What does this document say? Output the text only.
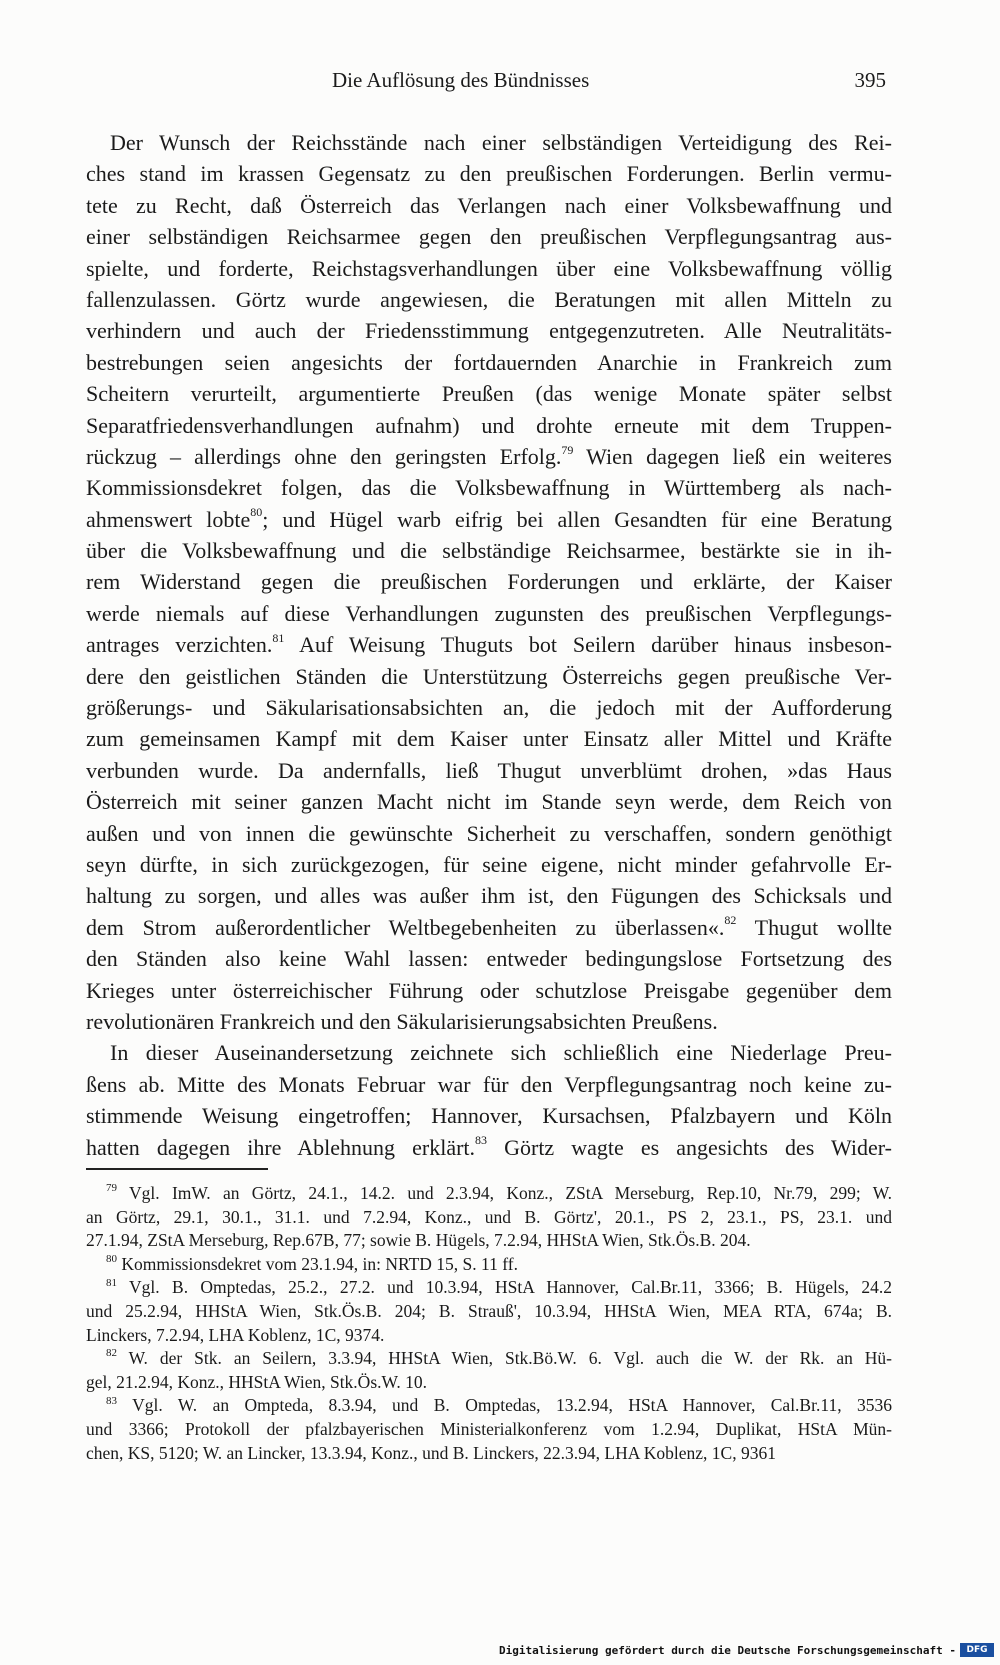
Die Auflösung des Bündnisses	395
Der Wunsch der Reichsstände nach einer selbständigen Verteidigung des Rei-
ches stand im krassen Gegensatz zu den preußischen Forderungen. Berlin vermu-
tete zu Recht, daß Österreich das Verlangen nach einer Volksbewaffnung und
einer selbständigen Reichsarmee gegen den preußischen Verpflegungsantrag aus-
spielte, und forderte, Reichstagsverhandlungen über eine Volksbewaffnung völlig
fallenzulassen. Görtz wurde angewiesen, die Beratungen mit allen Mitteln zu
verhindern und auch der Friedensstimmung entgegenzutreten. Alle Neutralitäts-
bestrebungen seien angesichts der fortdauernden Anarchie in Frankreich zum
Scheitern verurteilt, argumentierte Preußen (das wenige Monate später selbst
Separatfriedensverhandlungen aufnahm) und drohte erneute mit dem Truppen-
rückzug – allerdings ohne den geringsten Erfolg.$^{79}$ Wien dagegen ließ ein weiteres
Kommissionsdekret folgen, das die Volksbewaffnung in Württemberg als nach-
ahmenswert lobte$^{80}$; und Hügel warb eifrig bei allen Gesandten für eine Beratung
über die Volksbewaffnung und die selbständige Reichsarmee, bestärkte sie in ih-
rem Widerstand gegen die preußischen Forderungen und erklärte, der Kaiser
werde niemals auf diese Verhandlungen zugunsten des preußischen Verpflegungs-
antrages verzichten.$^{81}$ Auf Weisung Thuguts bot Seilern darüber hinaus insbeson-
dere den geistlichen Ständen die Unterstützung Österreichs gegen preußische Ver-
größerungs- und Säkularisationsabsichten an, die jedoch mit der Aufforderung
zum gemeinsamen Kampf mit dem Kaiser unter Einsatz aller Mittel und Kräfte
verbunden wurde. Da andernfalls, ließ Thugut unverblümt drohen, »das Haus
Österreich mit seiner ganzen Macht nicht im Stande seyn werde, dem Reich von
außen und von innen die gewünschte Sicherheit zu verschaffen, sondern genöthigt
seyn dürfte, in sich zurückgezogen, für seine eigene, nicht minder gefahrvolle Er-
haltung zu sorgen, und alles was außer ihm ist, den Fügungen des Schicksals und
dem Strom außerordentlicher Weltbegebenheiten zu überlassen«.$^{82}$ Thugut wollte
den Ständen also keine Wahl lassen: entweder bedingungslose Fortsetzung des
Krieges unter österreichischer Führung oder schutzlose Preisgabe gegenüber dem
revolutionären Frankreich und den Säkularisierungsabsichten Preußens.
In dieser Auseinandersetzung zeichnete sich schließlich eine Niederlage Preu-
ßens ab. Mitte des Monats Februar war für den Verpflegungsantrag noch keine zu-
stimmende Weisung eingetroffen; Hannover, Kursachsen, Pfalzbayern und Köln
hatten dagegen ihre Ablehnung erklärt.$^{83}$ Görtz wagte es angesichts des Wider-
$^{79}$ Vgl. ImW. an Görtz, 24.1., 14.2. und 2.3.94, Konz., ZStA Merseburg, Rep.10, Nr.79, 299; W.
an Görtz, 29.1, 30.1., 31.1. und 7.2.94, Konz., und B. Görtz', 20.1., PS 2, 23.1., PS, 23.1. und
27.1.94, ZStA Merseburg, Rep.67B, 77; sowie B. Hügels, 7.2.94, HHStA Wien, Stk.Ös.B. 204.
$^{80}$ Kommissionsdekret vom 23.1.94, in: NRTD 15, S. 11 ff.
$^{81}$ Vgl. B. Omptedas, 25.2., 27.2. und 10.3.94, HStA Hannover, Cal.Br.11, 3366; B. Hügels, 24.2
und 25.2.94, HHStA Wien, Stk.Ös.B. 204; B. Strauß', 10.3.94, HHStA Wien, MEA RTA, 674a; B.
Linckers, 7.2.94, LHA Koblenz, 1C, 9374.
$^{82}$ W. der Stk. an Seilern, 3.3.94, HHStA Wien, Stk.Bö.W. 6. Vgl. auch die W. der Rk. an Hü-
gel, 21.2.94, Konz., HHStA Wien, Stk.Ös.W. 10.
$^{83}$ Vgl. W. an Ompteda, 8.3.94, und B. Omptedas, 13.2.94, HStA Hannover, Cal.Br.11, 3536
und 3366; Protokoll der pfalzbayerischen Ministerialkonferenz vom 1.2.94, Duplikat, HStA Mün-
chen, KS, 5120; W. an Lincker, 13.3.94, Konz., und B. Linckers, 22.3.94, LHA Koblenz, 1C, 9361
Digitalisierung gefördert durch die Deutsche Forschungsgemeinschaft -	DFG
